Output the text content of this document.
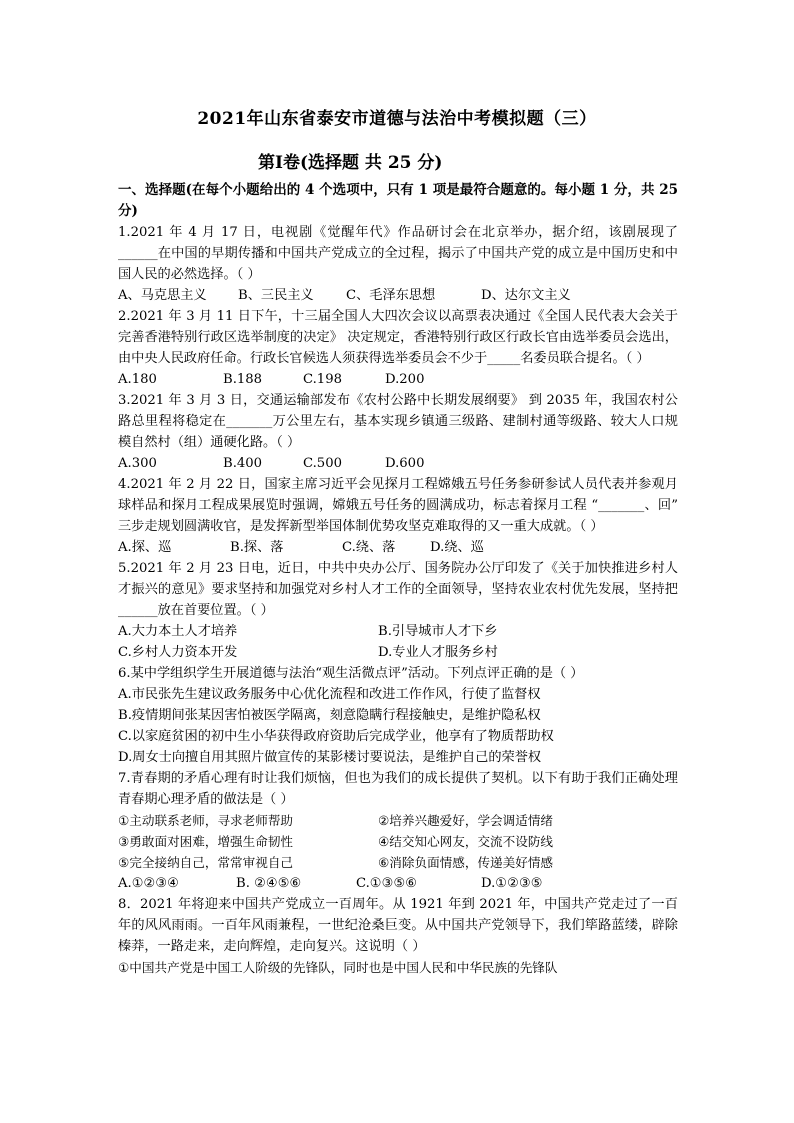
2021年山东省泰安市道德与法治中考模拟题（三）
第Ⅰ卷(选择题 共 25 分)

一、选择题(在每个小题给出的 4 个选项中，只有 1 项是最符合题意的。每小题 1 分，共 25 分)

1.2021 年 4 月 17 日，电视剧《觉醒年代》作品研讨会在北京举办，据介绍，该剧展现了______在中国的早期传播和中国共产党成立的全过程，揭示了中国共产党的成立是中国历史和中国人民的必然选择。（ ）

A、马克思主义	B、三民主义	C、毛泽东思想	D、达尔文主义

2.2021 年 3 月 11 日下午，十三届全国人大四次会议以高票表决通过《全国人民代表大会关于完善香港特别行政区选举制度的决定》 决定规定，香港特别行政区行政长官由选举委员会选出，由中央人民政府任命。行政长官候选人须获得选举委员会不少于_____名委员联合提名。（ ）

A.180	B.188	C.198	D.200

3.2021 年 3 月 3 日，交通运输部发布《农村公路中长期发展纲要》 到 2035 年，我国农村公路总里程将稳定在_______万公里左右，基本实现乡镇通三级路、建制村通等级路、较大人口规模自然村（组）通硬化路。（ ）

A.300	B.400	C.500	D.600

4.2021 年 2 月 22 日，国家主席习近平会见探月工程嫦娥五号任务参研参试人员代表并参观月球样品和探月工程成果展览时强调，嫦娥五号任务的圆满成功，标志着探月工程 “_______、回” 三步走规划圆满收官，是发挥新型举国体制优势攻坚克难取得的又一重大成就。（ ）

A.探、巡	B.探、落	C.绕、落	D.绕、巡

5.2021 年 2 月 23 日电，近日，中共中央办公厅、国务院办公厅印发了《关于加快推进乡村人才振兴的意见》要求坚持和加强党对乡村人才工作的全面领导，坚持农业农村优先发展，坚持把______放在首要位置。（ ）

A.大力本土人才培养	B.引导城市人才下乡
C.乡村人力资本开发	D.专业人才服务乡村

6.某中学组织学生开展道德与法治“观生活微点评”活动。下列点评正确的是（ ）

A.市民张先生建议政务服务中心优化流程和改进工作作风，行使了监督权

B.疫情期间张某因害怕被医学隔离，刻意隐瞒行程接触史，是维护隐私权

C.以家庭贫困的初中生小华获得政府资助后完成学业，他享有了物质帮助权

D.周女士向擅自用其照片做宣传的某影楼讨要说法，是维护自己的荣誉权

7.青春期的矛盾心理有时让我们烦恼，但也为我们的成长提供了契机。以下有助于我们正确处理青春期心理矛盾的做法是（ ）

①主动联系老师，寻求老师帮助	②培养兴趣爱好，学会调适情绪
③勇敢面对困难，增强生命韧性	④结交知心网友，交流不设防线
⑤完全接纳自己，常常审视自己	⑥消除负面情感，传递美好情感
A.①②③④	B. ②④⑤⑥	C.①③⑤⑥	D.①②③⑤

8．2021 年将迎来中国共产党成立一百周年。从 1921 年到 2021 年，中国共产党走过了一百年的风风雨雨。一百年风雨兼程，一世纪沧桑巨变。从中国共产党领导下，我们筚路蓝缕，辟除榛莽，一路走来，走向辉煌，走向复兴。这说明（ ）

①中国共产党是中国工人阶级的先锋队，同时也是中国人民和中华民族的先锋队
